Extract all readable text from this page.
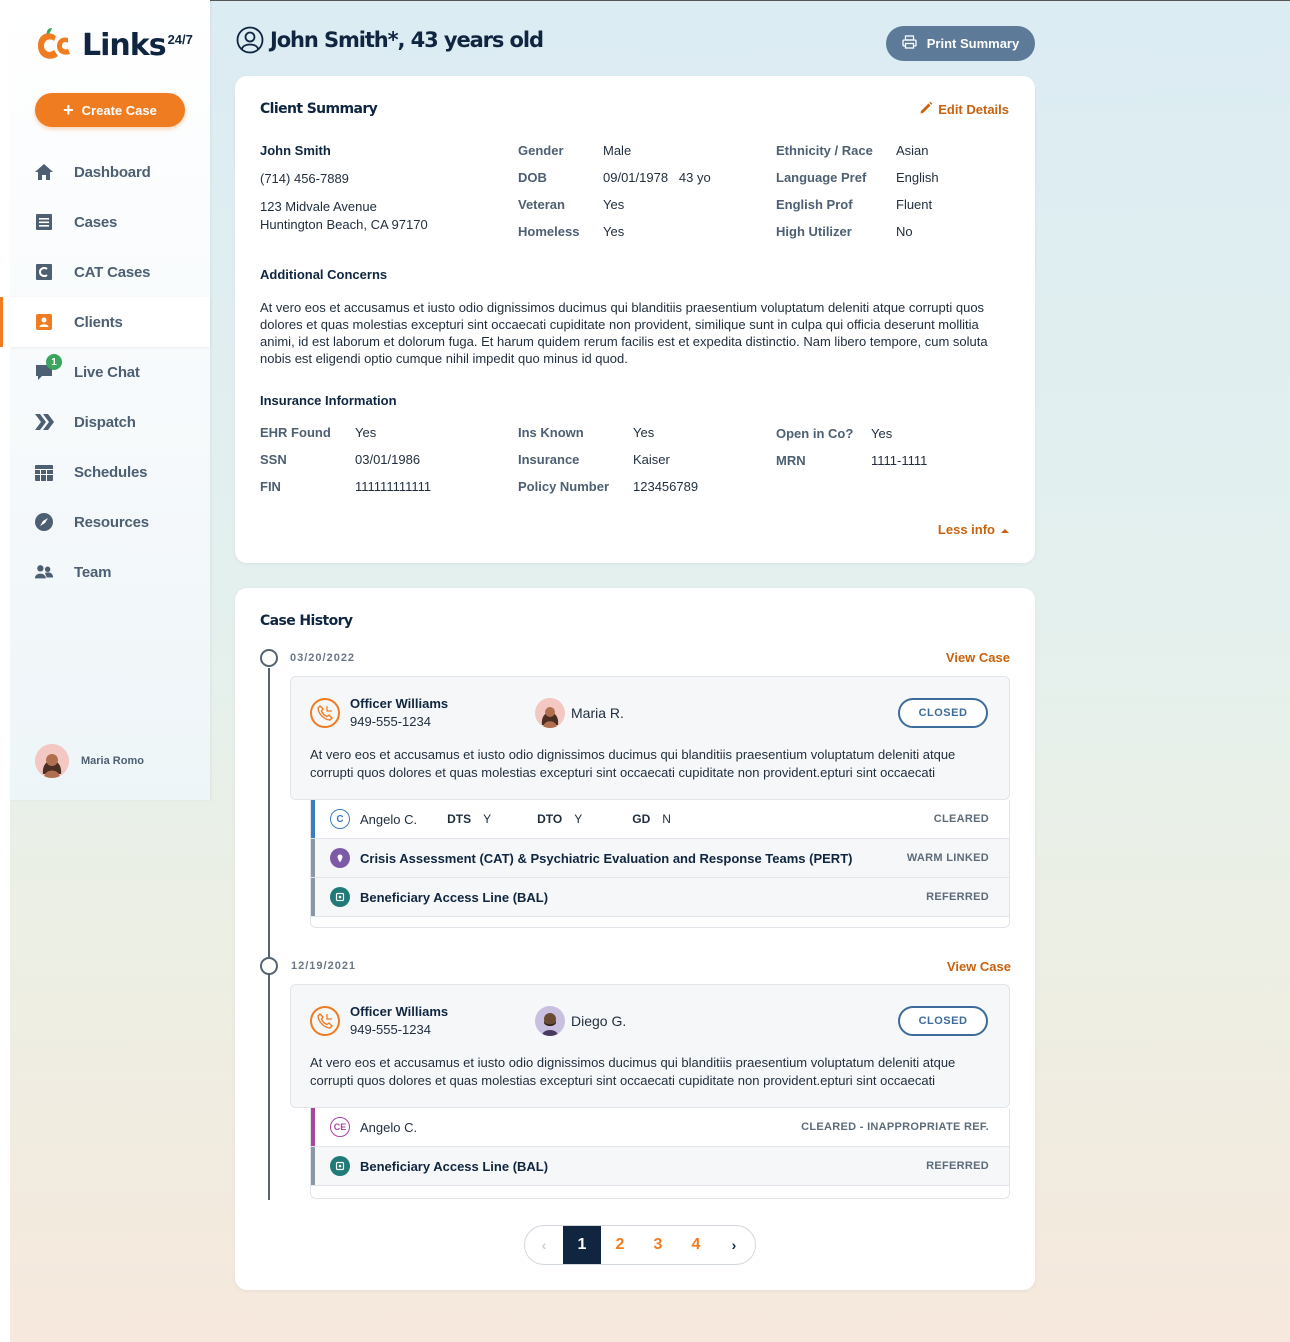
Links 24/7
+ Create Case
Dashboard
Cases
CAT Cases
Clients
1
Live Chat
Dispatch
Schedules
Resources
Team
Maria Romo
John Smith*, 43 years old	Print Summary
Client Summary	Edit Details
John Smith
(714) 456-7889
123 Midvale Avenue
Huntington Beach, CA 97170
Gender	Male
DOB	09/01/1978   43 yo
Veteran	Yes
Homeless Yes
Ethnicity / Race Asian
Language Pref English
English Prof	Fluent
High Utilizer	No
Additional Concerns

At vero eos et accusamus et iusto odio dignissimos ducimus qui blanditiis praesentium voluptatum deleniti atque corrupti quos dolores et quas molestias excepturi sint occaecati cupiditate non provident, similique sunt in culpa qui officia deserunt mollitia animi, id est laborum et dolorum fuga. Et harum quidem rerum facilis est et expedita distinctio. Nam libero tempore, cum soluta nobis est eligendi optio cumque nihil impedit quo minus id quod.

Insurance Information
EHR Found Yes
SSN	03/01/1986
FIN	111111111111
Ins Known	Yes
Insurance	Kaiser
Policy Number 123456789
Open in Co? Yes
MRN	1111-1111
Less info
Case History
03/20/2022	View Case
Officer Williams
949-555-1234
Maria R.	CLOSED

At vero eos et accusamus et iusto odio dignissimos ducimus qui blanditiis praesentium voluptatum deleniti atque corrupti quos dolores et quas molestias excepturi sint occaecati cupiditate non provident.epturi sint occaecati

C	Angelo C.	DTS Y	DTO Y	GD N	CLEARED
Crisis Assessment (CAT) & Psychiatric Evaluation and Response Teams (PERT)	WARM LINKED
Beneficiary Access Line (BAL)	REFERRED
12/19/2021	View Case
Officer Williams
949-555-1234
Diego G.	CLOSED

At vero eos et accusamus et iusto odio dignissimos ducimus qui blanditiis praesentium voluptatum deleniti atque corrupti quos dolores et quas molestias excepturi sint occaecati cupiditate non provident.epturi sint occaecati

CE Angelo C.	CLEARED - INAPPROPRIATE REF.
Beneficiary Access Line (BAL)	REFERRED
‹	1	2	3	4	›
